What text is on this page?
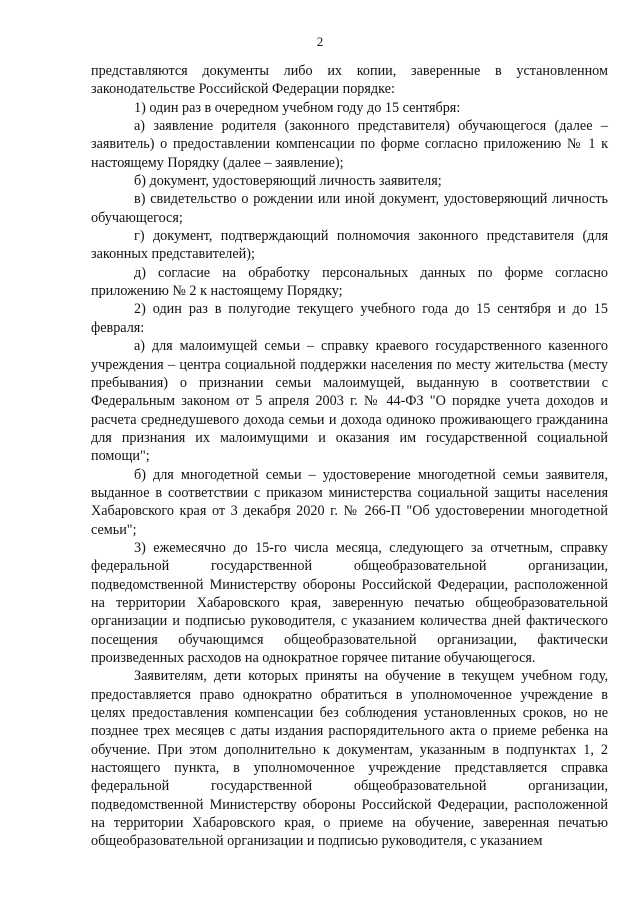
2

представляются документы либо их копии, заверенные в установленном законодательстве Российской Федерации порядке:

1) один раз в очередном учебном году до 15 сентября:

а) заявление родителя (законного представителя) обучающегося (далее – заявитель) о предоставлении компенсации по форме согласно приложению № 1 к настоящему Порядку (далее – заявление);

б) документ, удостоверяющий личность заявителя;

в) свидетельство о рождении или иной документ, удостоверяющий личность обучающегося;

г) документ, подтверждающий полномочия законного представителя (для законных представителей);

д) согласие на обработку персональных данных по форме согласно приложению № 2 к настоящему Порядку;

2) один раз в полугодие текущего учебного года до 15 сентября и до 15 февраля:

а) для малоимущей семьи – справку краевого государственного казенного учреждения – центра социальной поддержки населения по месту жительства (месту пребывания) о признании семьи малоимущей, выданную в соответствии с Федеральным законом от 5 апреля 2003 г. № 44-ФЗ "О порядке учета доходов и расчета среднедушевого дохода семьи и дохода одиноко проживающего гражданина для признания их малоимущими и оказания им государственной социальной помощи";

б) для многодетной семьи – удостоверение многодетной семьи заявителя, выданное в соответствии с приказом министерства социальной защиты населения Хабаровского края от 3 декабря 2020 г. № 266-П "Об удостоверении многодетной семьи";

3) ежемесячно до 15-го числа месяца, следующего за отчетным, справку федеральной государственной общеобразовательной организации, подведомственной Министерству обороны Российской Федерации, расположенной на территории Хабаровского края, заверенную печатью общеобразовательной организации и подписью руководителя, с указанием количества дней фактического посещения обучающимся общеобразовательной организации, фактически произведенных расходов на однократное горячее питание обучающегося.

Заявителям, дети которых приняты на обучение в текущем учебном году, предоставляется право однократно обратиться в уполномоченное учреждение в целях предоставления компенсации без соблюдения установленных сроков, но не позднее трех месяцев с даты издания распорядительного акта о приеме ребенка на обучение. При этом дополнительно к документам, указанным в подпунктах 1, 2 настоящего пункта, в уполномоченное учреждение представляется справка федеральной государственной общеобразовательной организации, подведомственной Министерству обороны Российской Федерации, расположенной на территории Хабаровского края, о приеме на обучение, заверенная печатью общеобразовательной организации и подписью руководителя, с указанием
